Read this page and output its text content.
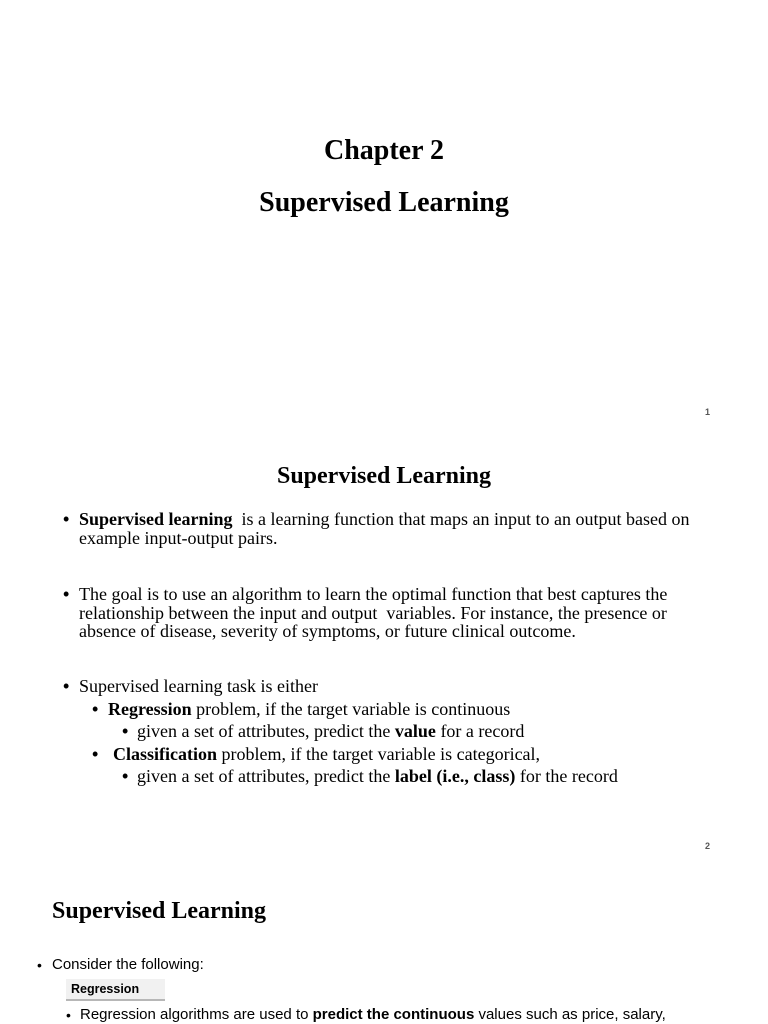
Chapter 2
Supervised Learning
1
Supervised Learning
• Supervised learning  is a learning function that maps an input to an output based on
example input-output pairs.
• The goal is to use an algorithm to learn the optimal function that best captures the
relationship between the input and output  variables. For instance, the presence or
absence of disease, severity of symptoms, or future clinical outcome.
• Supervised learning task is either
• Regression problem, if the target variable is continuous
• given a set of attributes, predict the value for a record
• Classification problem, if the target variable is categorical,
• given a set of attributes, predict the label (i.e., class) for the record
2
Supervised Learning
• Consider the following:
Regression
• Regression algorithms are used to predict the continuous values such as price, salary,
